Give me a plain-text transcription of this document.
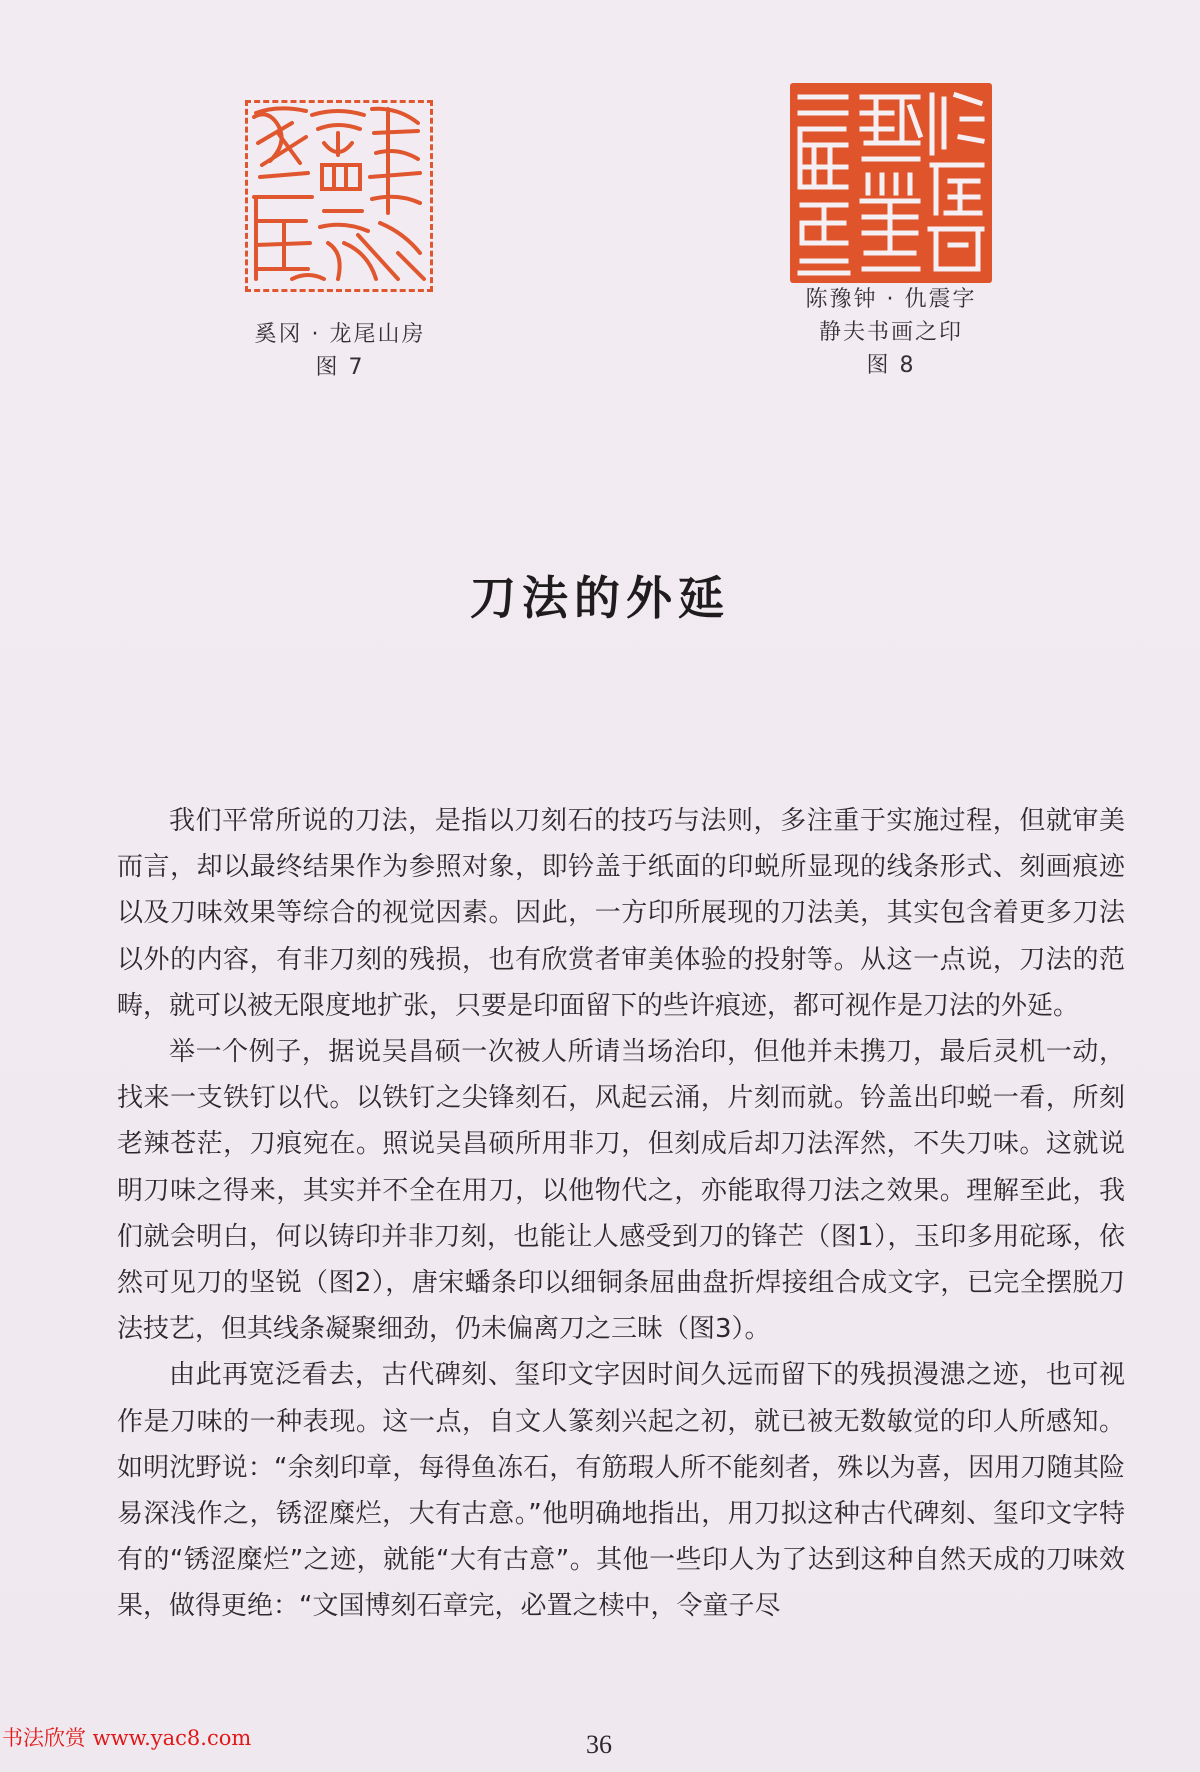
奚冈 · 龙尾山房
图 7
陈豫钟 · 仇震字
静夫书画之印
图 8
刀法的外延

我们平常所说的刀法，是指以刀刻石的技巧与法则，多注重于实施过程，但就审美而言，却以最终结果作为参照对象，即钤盖于纸面的印蜕所显现的线条形式、刻画痕迹以及刀味效果等综合的视觉因素。因此，一方印所展现的刀法美，其实包含着更多刀法以外的内容，有非刀刻的残损，也有欣赏者审美体验的投射等。从这一点说，刀法的范畴，就可以被无限度地扩张，只要是印面留下的些许痕迹，都可视作是刀法的外延。

举一个例子，据说吴昌硕一次被人所请当场治印，但他并未携刀，最后灵机一动，找来一支铁钉以代。以铁钉之尖锋刻石，风起云涌，片刻而就。钤盖出印蜕一看，所刻老辣苍茫，刀痕宛在。照说吴昌硕所用非刀，但刻成后却刀法浑然，不失刀味。这就说明刀味之得来，其实并不全在用刀，以他物代之，亦能取得刀法之效果。理解至此，我们就会明白，何以铸印并非刀刻，也能让人感受到刀的锋芒（图1），玉印多用砣琢，依然可见刀的坚锐（图2），唐宋蟠条印以细铜条屈曲盘折焊接组合成文字，已完全摆脱刀法技艺，但其线条凝聚细劲，仍未偏离刀之三昧（图3）。

由此再宽泛看去，古代碑刻、玺印文字因时间久远而留下的残损漫漶之迹，也可视作是刀味的一种表现。这一点，自文人篆刻兴起之初，就已被无数敏觉的印人所感知。如明沈野说：“余刻印章，每得鱼冻石，有筋瑕人所不能刻者，殊以为喜，因用刀随其险易深浅作之，锈涩糜烂，大有古意。”他明确地指出，用刀拟这种古代碑刻、玺印文字特有的“锈涩糜烂”之迹，就能“大有古意”。其他一些印人为了达到这种自然天成的刀味效果，做得更绝：“文国博刻石章完，必置之椟中，令童子尽

书法欣赏 www.yac8.com	36
